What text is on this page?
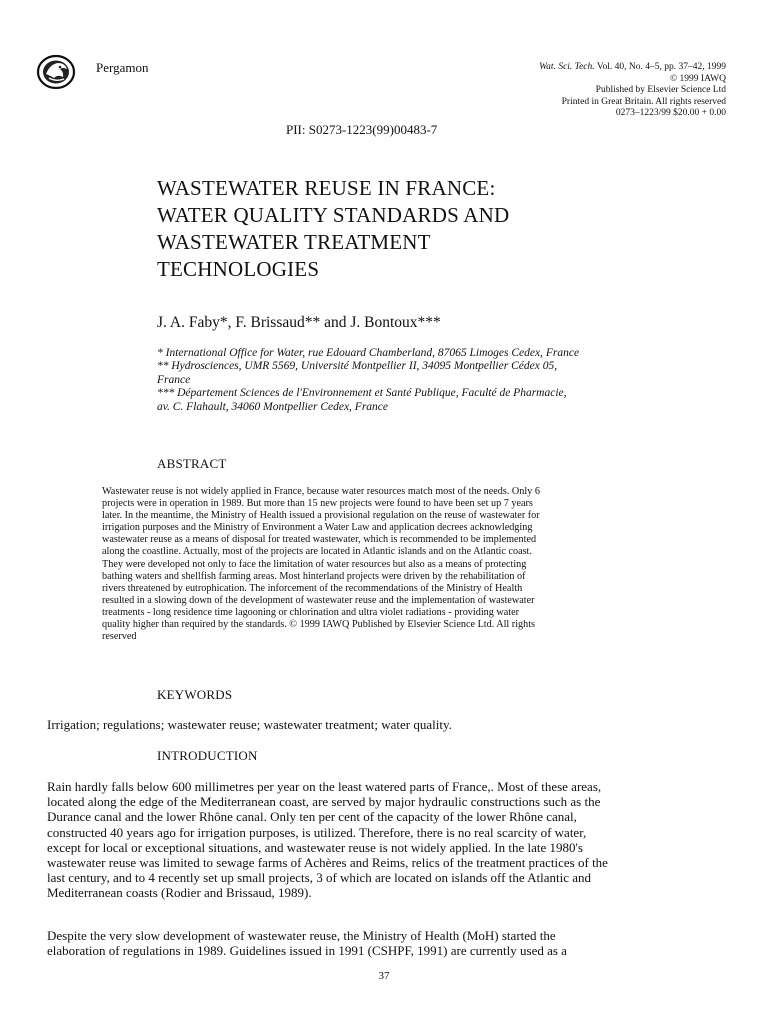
Pergamon	Wat. Sci. Tech. Vol. 40, No. 4–5, pp. 37–42, 1999
© 1999 IAWQ
Published by Elsevier Science Ltd
Printed in Great Britain. All rights reserved
0273–1223/99 $20.00 + 0.00
PII: S0273-1223(99)00483-7
WASTEWATER REUSE IN FRANCE:
WATER QUALITY STANDARDS AND
WASTEWATER TREATMENT
TECHNOLOGIES
J. A. Faby*, F. Brissaud** and J. Bontoux***
* International Office for Water, rue Edouard Chamberland, 87065 Limoges Cedex, France
** Hydrosciences, UMR 5569, Université Montpellier II, 34095 Montpellier Cédex 05,
France
*** Département Sciences de l'Environnement et Santé Publique, Faculté de Pharmacie,
av. C. Flahault, 34060 Montpellier Cedex, France
ABSTRACT
Wastewater reuse is not widely applied in France, because water resources match most of the needs. Only 6
projects were in operation in 1989. But more than 15 new projects were found to have been set up 7 years
later. In the meantime, the Ministry of Health issued a provisional regulation on the reuse of wastewater for
irrigation purposes and the Ministry of Environment a Water Law and application decrees acknowledging
wastewater reuse as a means of disposal for treated wastewater, which is recommended to be implemented
along the coastline. Actually, most of the projects are located in Atlantic islands and on the Atlantic coast.
They were developed not only to face the limitation of water resources but also as a means of protecting
bathing waters and shellfish farming areas. Most hinterland projects were driven by the rehabilitation of
rivers threatened by eutrophication. The inforcement of the recommendations of the Ministry of Health
resulted in a slowing down of the development of wastewater reuse and the implementation of wastewater
treatments - long residence time lagooning or chlorination and ultra violet radiations - providing water
quality higher than required by the standards. © 1999 IAWQ Published by Elsevier Science Ltd. All rights
reserved
KEYWORDS
Irrigation; regulations; wastewater reuse; wastewater treatment; water quality.
INTRODUCTION
Rain hardly falls below 600 millimetres per year on the least watered parts of France,. Most of these areas,
located along the edge of the Mediterranean coast, are served by major hydraulic constructions such as the
Durance canal and the lower Rhône canal. Only ten per cent of the capacity of the lower Rhône canal,
constructed 40 years ago for irrigation purposes, is utilized. Therefore, there is no real scarcity of water,
except for local or exceptional situations, and wastewater reuse is not widely applied. In the late 1980's
wastewater reuse was limited to sewage farms of Achères and Reims, relics of the treatment practices of the
last century, and to 4 recently set up small projects, 3 of which are located on islands off the Atlantic and
Mediterranean coasts (Rodier and Brissaud, 1989).
Despite the very slow development of wastewater reuse, the Ministry of Health (MoH) started the
elaboration of regulations in 1989. Guidelines issued in 1991 (CSHPF, 1991) are currently used as a
37
